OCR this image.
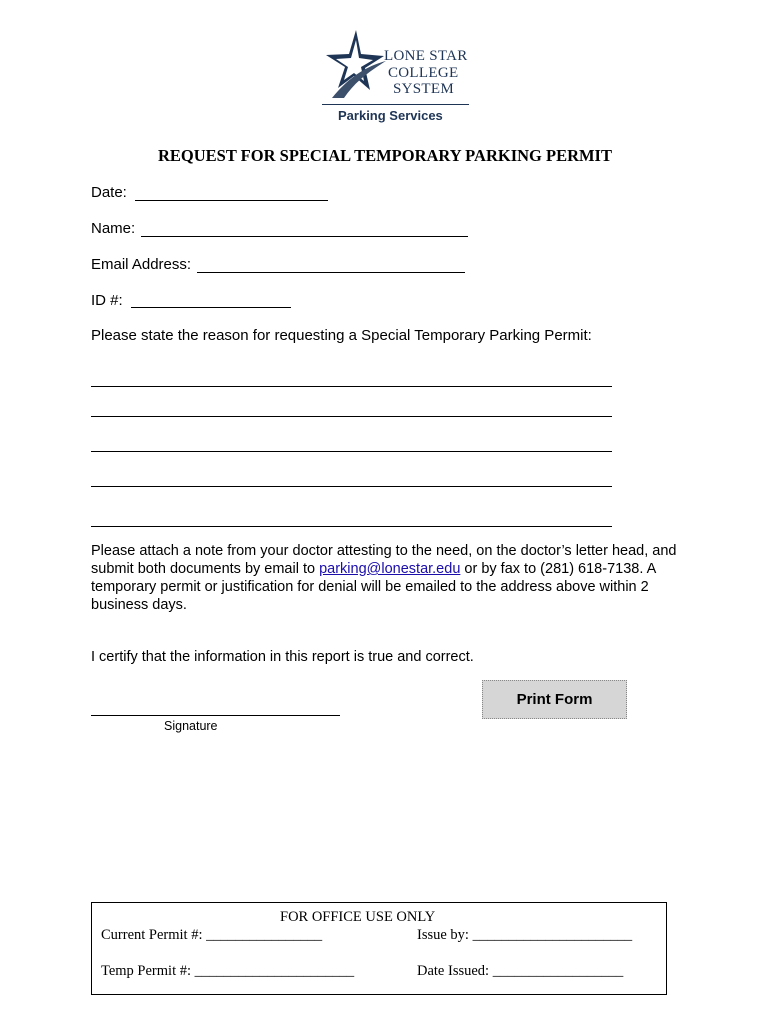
LONE STAR
COLLEGE
SYSTEM
Parking Services
REQUEST FOR SPECIAL TEMPORARY PARKING PERMIT
Date:
Name:
Email Address:
ID #:
Please state the reason for requesting a Special Temporary Parking Permit:
Please attach a note from your doctor attesting to the need, on the doctor’s letter head, and submit both documents by email to parking@lonestar.edu or by fax to (281) 618-7138. A temporary permit or justification for denial will be emailed to the address above within 2 business days.
I certify that the information in this report is true and correct.
Print Form
Signature
FOR OFFICE USE ONLY
Current Permit #: ________________	Issue by: ______________________
Temp Permit #: ______________________	Date Issued: __________________
